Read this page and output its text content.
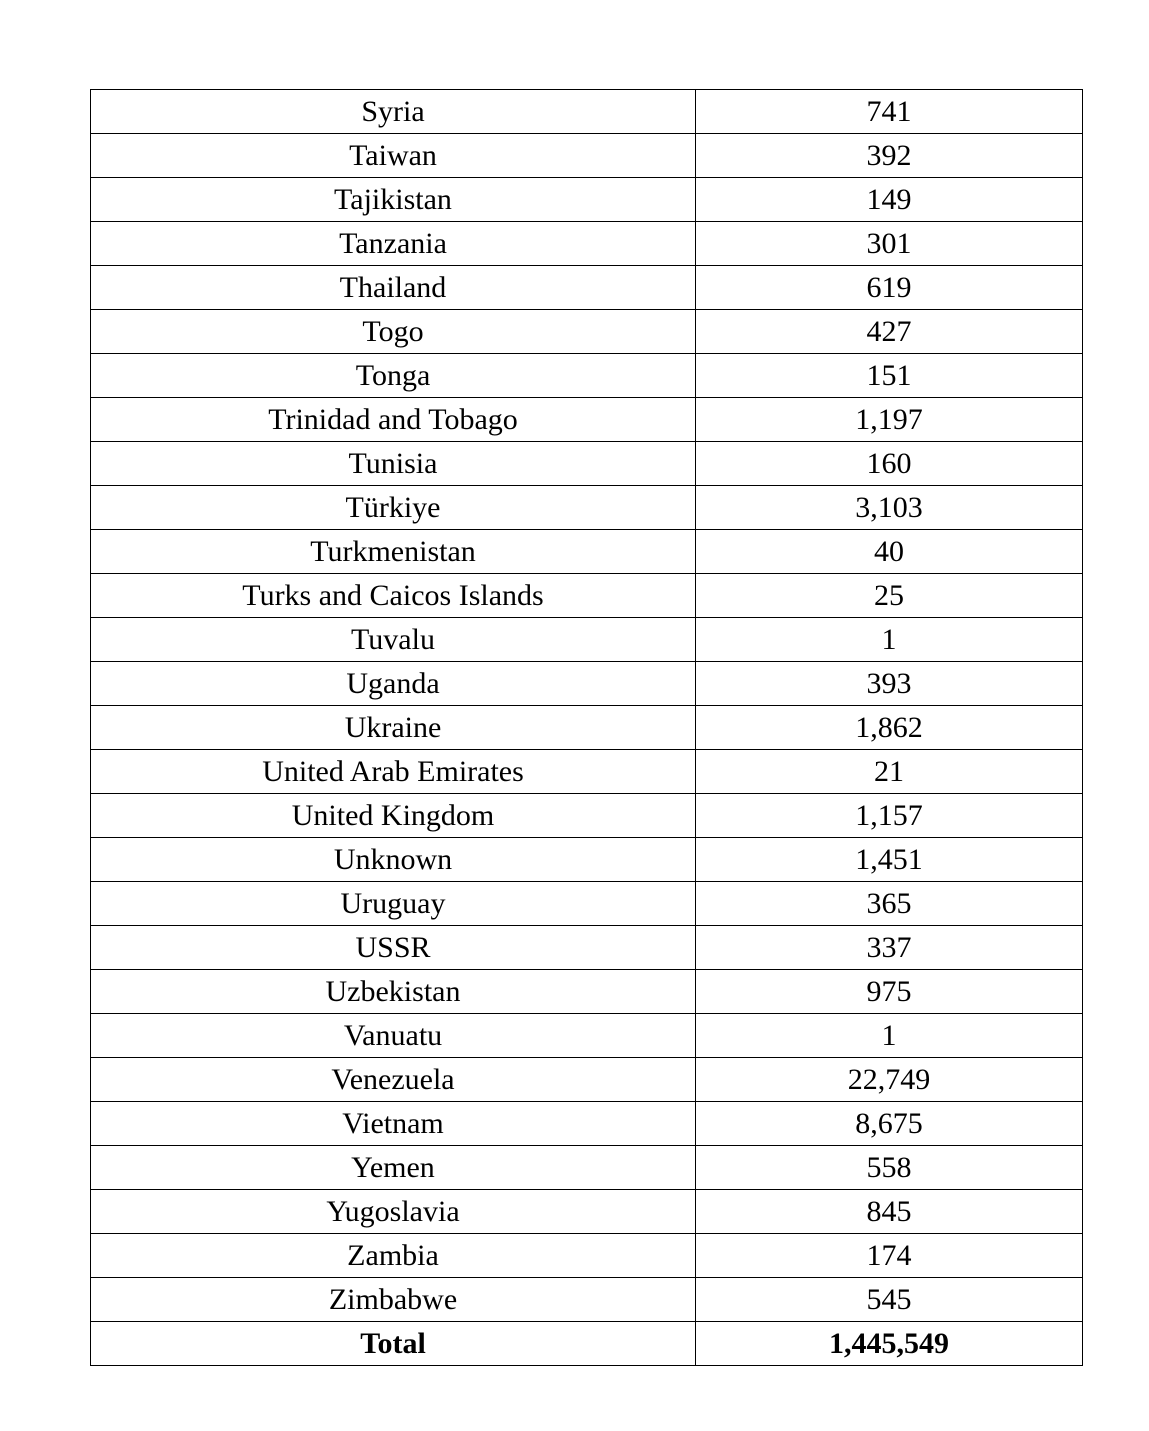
Syria	741
Taiwan	392
Tajikistan	149
Tanzania	301
Thailand	619
Togo	427
Tonga	151
Trinidad and Tobago	1,197
Tunisia	160
Türkiye	3,103
Turkmenistan	40
Turks and Caicos Islands	25
Tuvalu	1
Uganda	393
Ukraine	1,862
United Arab Emirates	21
United Kingdom	1,157
Unknown	1,451
Uruguay	365
USSR	337
Uzbekistan	975
Vanuatu	1
Venezuela	22,749
Vietnam	8,675
Yemen	558
Yugoslavia	845
Zambia	174
Zimbabwe	545
Total	1,445,549
